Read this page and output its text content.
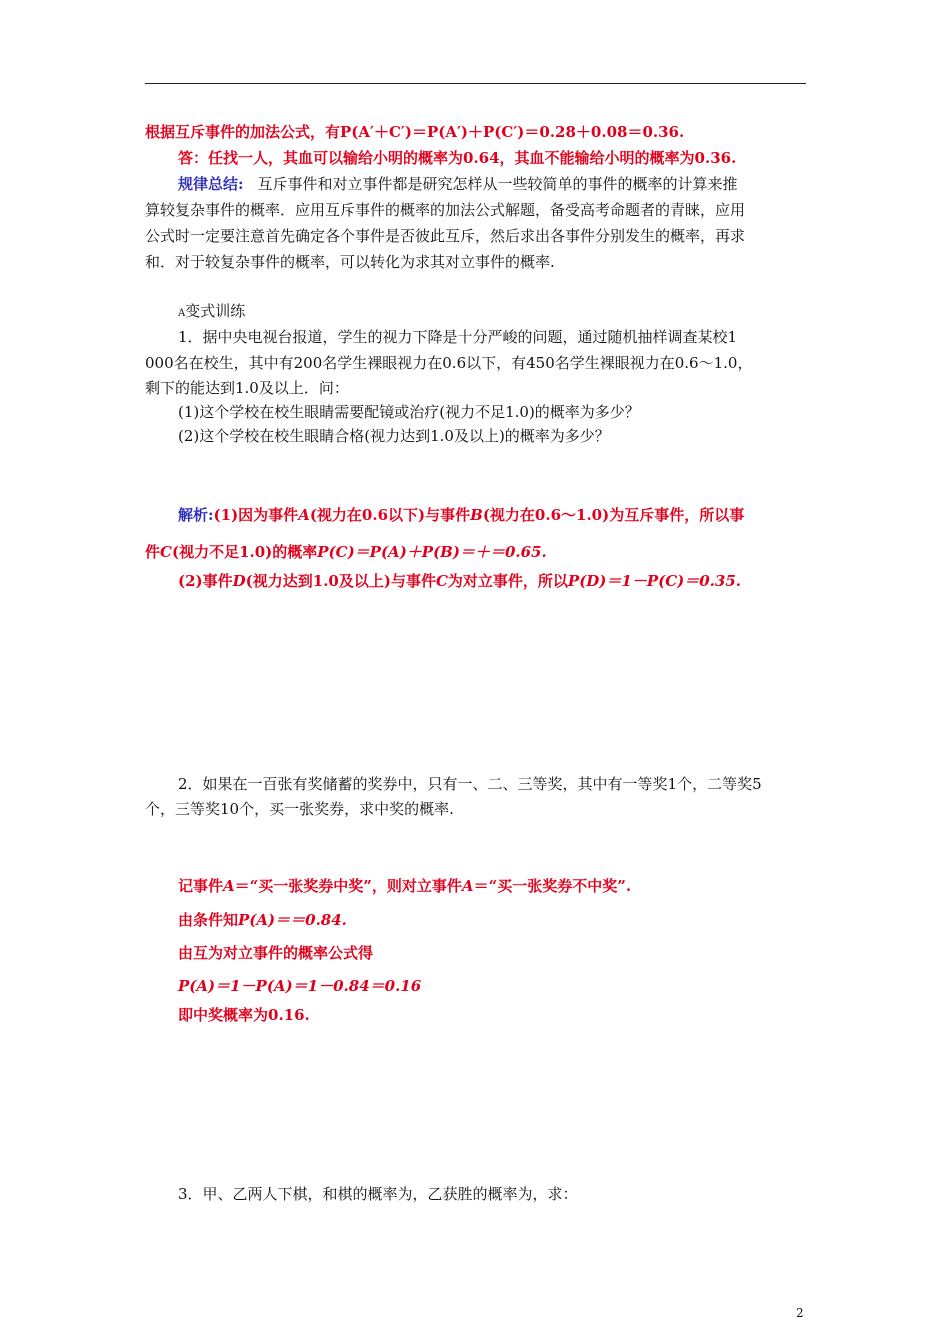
根据互斥事件的加法公式，有P(A′＋C′)＝P(A′)＋P(C′)＝0.28＋0.08＝0.36.
答：任找一人，其血可以输给小明的概率为0.64，其血不能输给小明的概率为0.36.
规律总结: 互斥事件和对立事件都是研究怎样从一些较简单的事件的概率的计算来推
算较复杂事件的概率．应用互斥事件的概率的加法公式解题，备受高考命题者的青睐，应用
公式时一定要注意首先确定各个事件是否彼此互斥，然后求出各事件分别发生的概率，再求
和．对于较复杂事件的概率，可以转化为求其对立事件的概率.
A变式训练
1．据中央电视台报道，学生的视力下降是十分严峻的问题，通过随机抽样调查某校1
000名在校生，其中有200名学生裸眼视力在0.6以下，有450名学生裸眼视力在0.6～1.0，
剩下的能达到1.0及以上．问：
(1)这个学校在校生眼睛需要配镜或治疗(视力不足1.0)的概率为多少？
(2)这个学校在校生眼睛合格(视力达到1.0及以上)的概率为多少？
解析:(1)因为事件A(视力在0.6以下)与事件B(视力在0.6～1.0)为互斥事件，所以事
件C(视力不足1.0)的概率P(C)＝P(A)＋P(B)＝＋＝0.65.
(2)事件D(视力达到1.0及以上)与事件C为对立事件，所以P(D)＝1－P(C)＝0.35.
2．如果在一百张有奖储蓄的奖券中，只有一、二、三等奖，其中有一等奖1个，二等奖5
个，三等奖10个，买一张奖券，求中奖的概率.
记事件A＝“买一张奖券中奖”，则对立事件A＝“买一张奖券不中奖”.
由条件知P(A)＝＝0.84.
由互为对立事件的概率公式得
P(A)＝1－P(A)＝1－0.84＝0.16
即中奖概率为0.16.
3．甲、乙两人下棋，和棋的概率为，乙获胜的概率为，求：
2
